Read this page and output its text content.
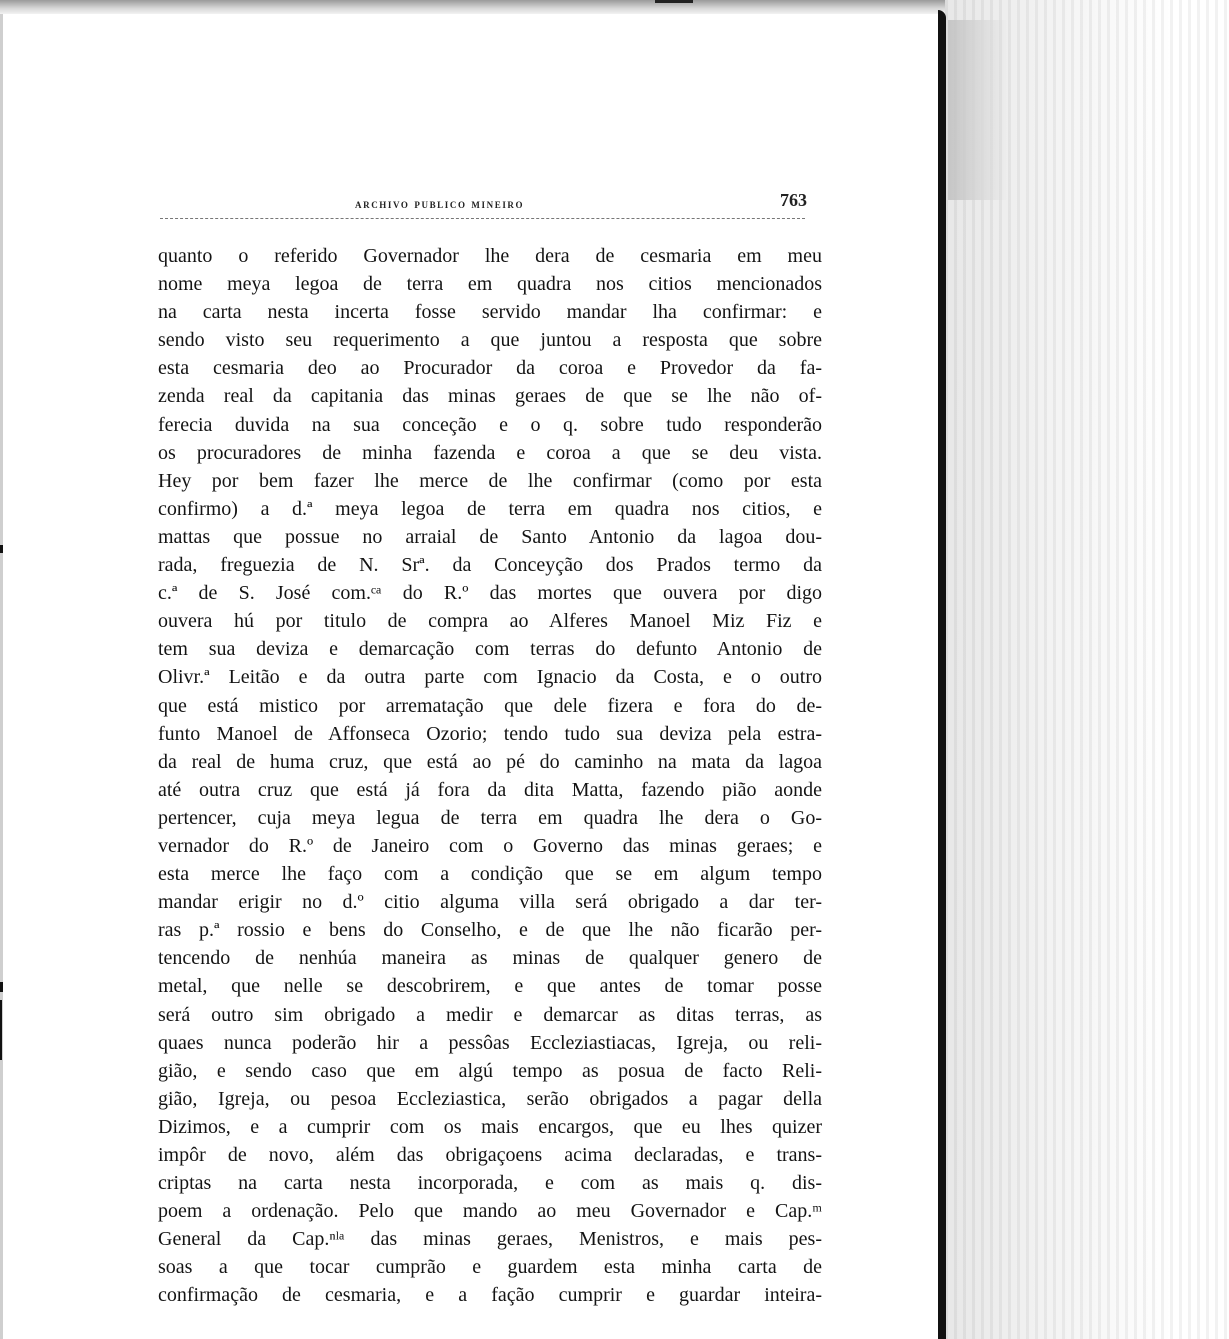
archivo publico mineiro	763
quanto o referido Governador lhe dera de cesmaria em meu
nome meya legoa de terra em quadra nos citios mencionados
na carta nesta incerta fosse servido mandar lha confirmar: e
sendo visto seu requerimento a que juntou a resposta que sobre
esta cesmaria deo ao Procurador da coroa e Provedor da fa-
zenda real da capitania das minas geraes de que se lhe não of-
ferecia duvida na sua conceção e o q. sobre tudo responderão
os procuradores de minha fazenda e coroa a que se deu vista.
Hey por bem fazer lhe merce de lhe confirmar (como por esta
confirmo) a d.ª meya legoa de terra em quadra nos citios, e
mattas que possue no arraial de Santo Antonio da lagoa dou-
rada, freguezia de N. Srª. da Conceyção dos Prados termo da
c.ª de S. José com.ᶜᵃ do R.º das mortes que ouvera por digo
ouvera hú por titulo de compra ao Alferes Manoel Miz Fiz e
tem sua deviza e demarcação com terras do defunto Antonio de
Olivr.ª Leitão e da outra parte com Ignacio da Costa, e o outro
que está mistico por arrematação que dele fizera e fora do de-
funto Manoel de Affonseca Ozorio; tendo tudo sua deviza pela estra-
da real de huma cruz, que está ao pé do caminho na mata da lagoa
até outra cruz que está já fora da dita Matta, fazendo pião aonde
pertencer, cuja meya legua de terra em quadra lhe dera o Go-
vernador do R.º de Janeiro com o Governo das minas geraes; e
esta merce lhe faço com a condição que se em algum tempo
mandar erigir no d.º citio alguma villa será obrigado a dar ter-
ras p.ª rossio e bens do Conselho, e de que lhe não ficarão per-
tencendo de nenhúa maneira as minas de qualquer genero de
metal, que nelle se descobrirem, e que antes de tomar posse
será outro sim obrigado a medir e demarcar as ditas terras, as
quaes nunca poderão hir a pessôas Eccleziastiacas, Igreja, ou reli-
gião, e sendo caso que em algú tempo as posua de facto Reli-
gião, Igreja, ou pesoa Eccleziastica, serão obrigados a pagar della
Dizimos, e a cumprir com os mais encargos, que eu lhes quizer
impôr de novo, além das obrigaçoens acima declaradas, e trans-
criptas na carta nesta incorporada, e com as mais q. dis-
poem a ordenação. Pelo que mando ao meu Governador e Cap.ᵐ
General da Cap.ⁿˡᵃ das minas geraes, Menistros, e mais pes-
soas a que tocar cumprão e guardem esta minha carta de
confirmação de cesmaria, e a fação cumprir e guardar inteira-
